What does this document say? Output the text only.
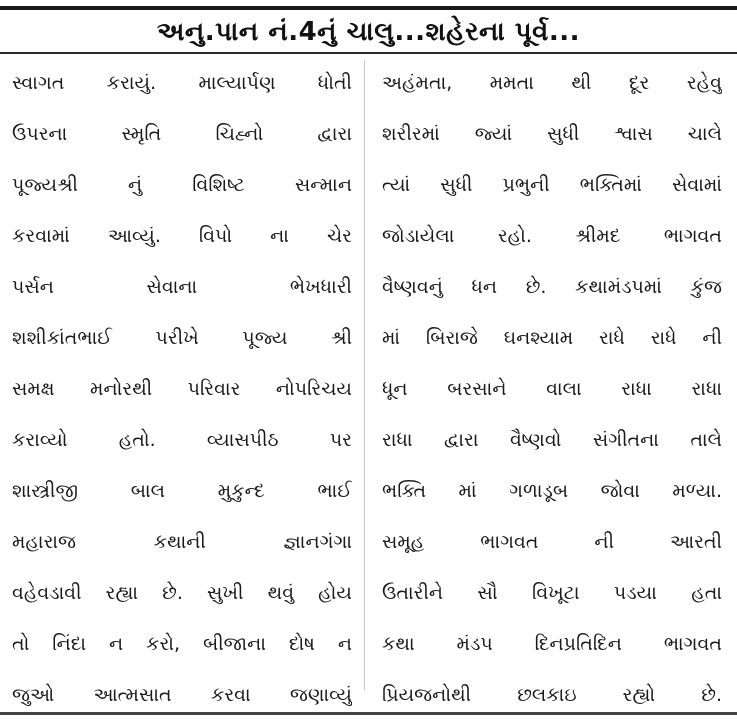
અનુ.પાન નં.4નું ચાલુ...શહેરના પૂર્વ...
સ્વાગત કરાયું. માલ્યાર્પણ ધોતી
ઉપરના સ્મૃતિ ચિહ્નો દ્વારા
પૂજ્યશ્રી નું વિશિષ્ટ સન્માન
કરવામાં આવ્યું. વિપો ના ચેર
પર્સન સેવાના ભેખધારી
શશીકાંતભાઈ પરીખે પૂજ્ય શ્રી
સમક્ષ મનોરથી પરિવાર નોપરિચય
કરાવ્યો હતો. વ્યાસપીઠ પર
શાસ્ત્રીજી બાલ મુકુન્દ ભાઈ
મહારાજ કથાની જ્ઞાનગંગા
વહેવડાવી રહ્યા છે. સુખી થવું હોય
તો નિંદા ન કરો, બીજાના દોષ ન
જુઓ આત્મસાત કરવા જણાવ્યું
અહંમતા, મમતા થી દૂર રહેવુ
શરીરમાં જ્યાં સુધી શ્વાસ ચાલે
ત્યાં સુધી પ્રભુની ભક્તિમાં સેવામાં
જોડાયેલા રહો. શ્રીમદ ભાગવત
વૈષ્ણવનું ધન છે. કથામંડપમાં કુંજ
માં બિરાજે ઘનશ્યામ રાધે રાધે ની
ધૂન બરસાને વાલા રાધા રાધા
રાધા દ્વારા વૈષ્ણવો સંગીતના તાલે
ભક્તિ માં ગળાડૂબ જોવા મળ્યા.
સમૂહ ભાગવત ની આરતી
ઉતારીને સૌ વિખૂટા પડયા હતા
કથા મંડપ દિનપ્રતિદિન ભાગવત
પ્રિયજનોથી છલકાઇ રહ્યો છે.
